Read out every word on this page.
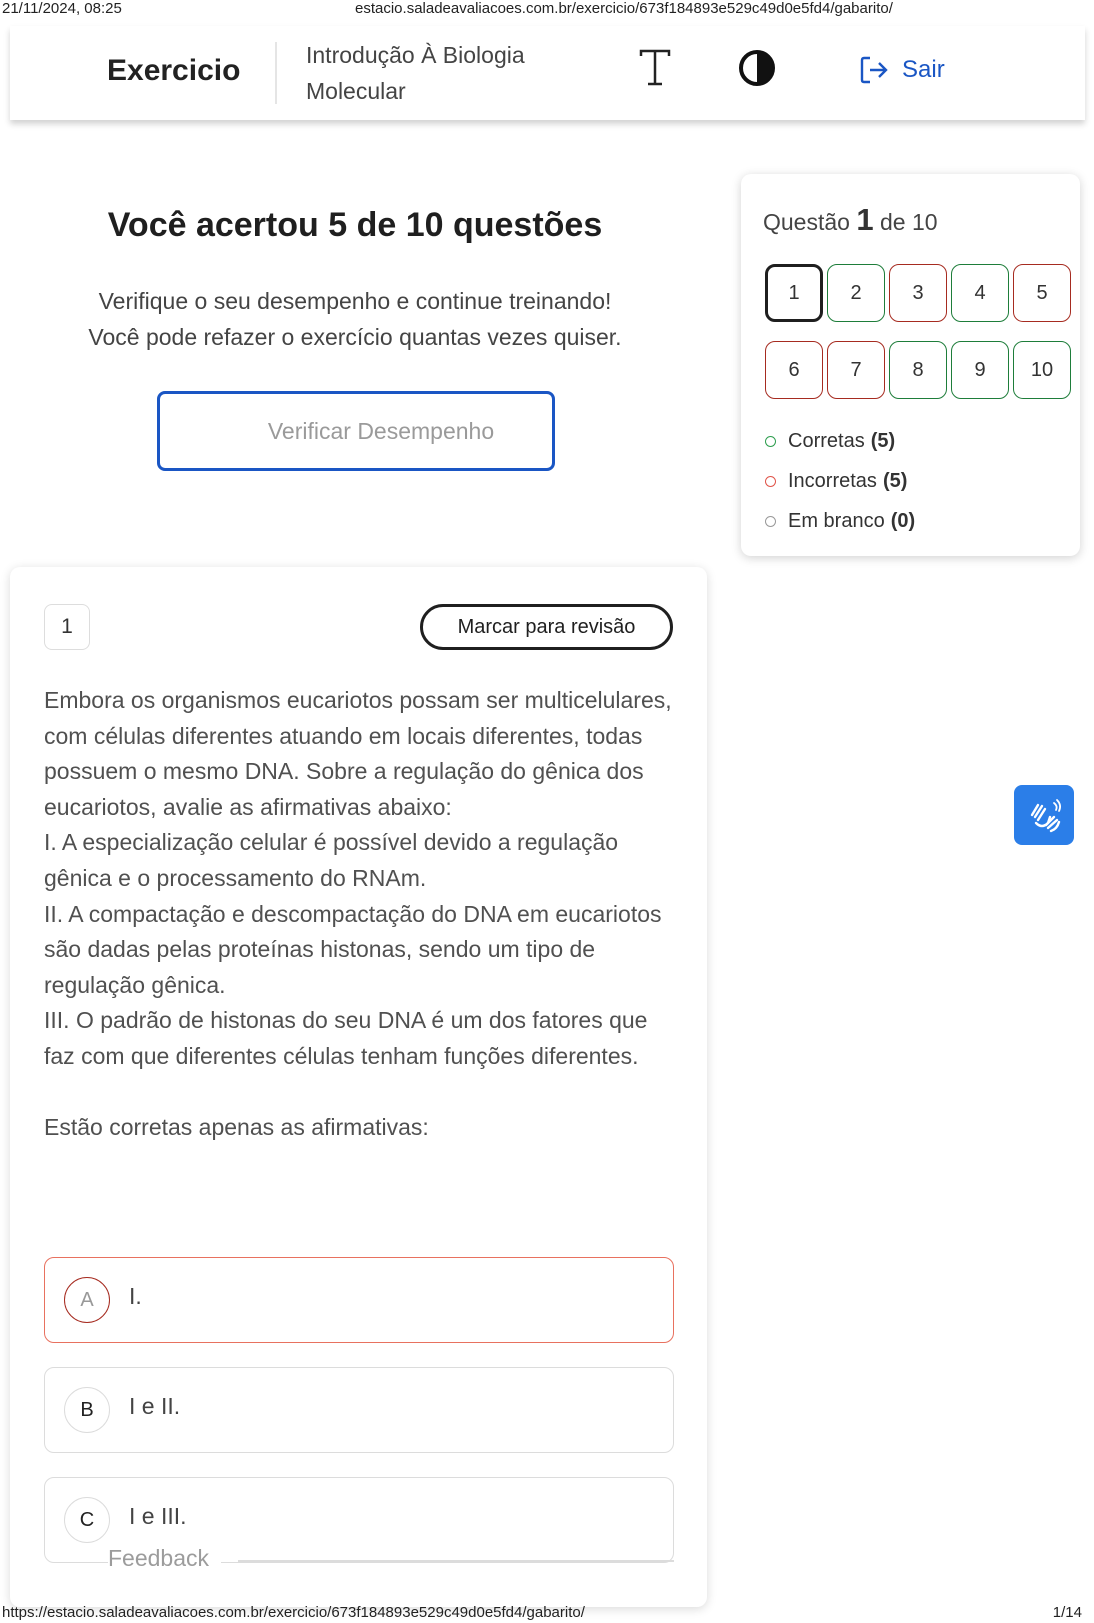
21/11/2024, 08:25	estacio.saladeavaliacoes.com.br/exercicio/673f184893e529c49d0e5fd4/gabarito/
Exercicio	Introdução À Biologia
Molecular
Sair
Você acertou 5 de 10 questões
Verifique o seu desempenho e continue treinando!
Você pode refazer o exercício quantas vezes quiser.
Verificar Desempenho
Questão 1 de 10
1	2	3	4	5
6	7	8	9	10
Corretas (5)
Incorretas (5)
Em branco (0)
1	Marcar para revisão

Embora os organismos eucariotos possam ser multicelulares, com células diferentes atuando em locais diferentes, todas possuem o mesmo DNA. Sobre a regulação do gênica dos eucariotos, avalie as afirmativas abaixo:

I. A especialização celular é possível devido a regulação gênica e o processamento do RNAm.

II. A compactação e descompactação do DNA em eucariotos são dadas pelas proteínas histonas, sendo um tipo de regulação gênica.

III. O padrão de histonas do seu DNA é um dos fatores que faz com que diferentes células tenham funções diferentes.

Estão corretas apenas as afirmativas:

A	I.
B	I e II.
C	I e III.
Feedback
https://estacio.saladeavaliacoes.com.br/exercicio/673f184893e529c49d0e5fd4/gabarito/	1/14
